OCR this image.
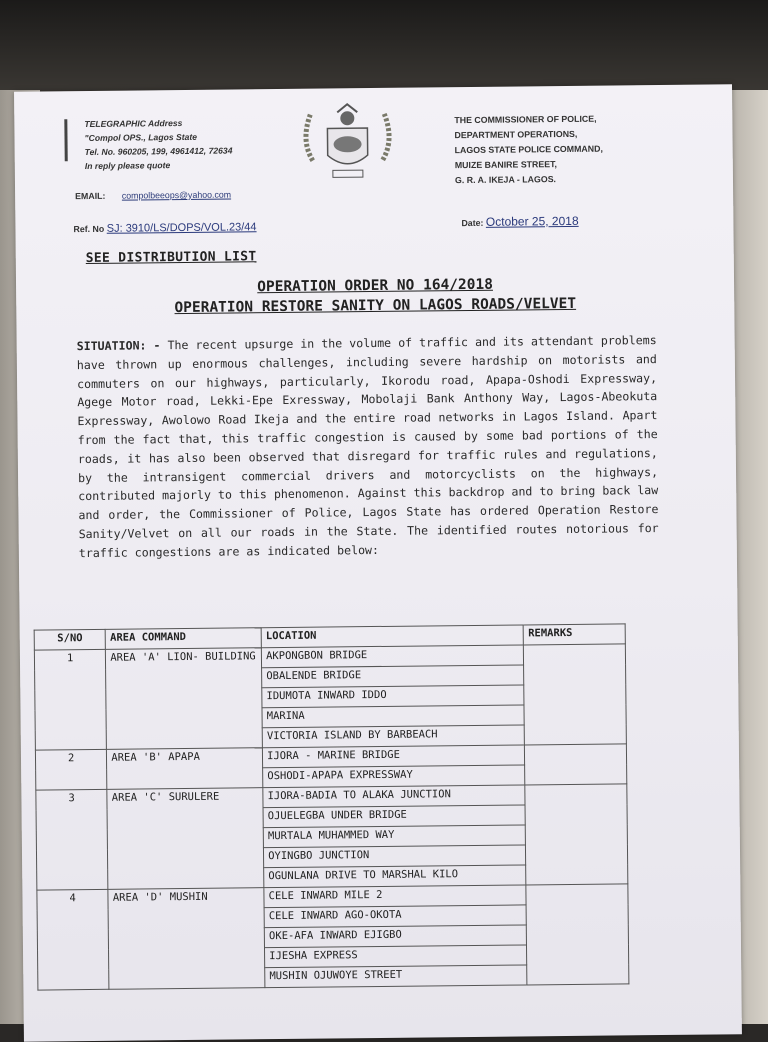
TELEGRAPHIC Address
"Compol OPS., Lagos State
Tel. No. 960205, 199, 4961412, 72634
In reply please quote
THE COMMISSIONER OF POLICE,
DEPARTMENT OPERATIONS,
LAGOS STATE POLICE COMMAND,
MUIZE BANIRE STREET,
G. R. A. IKEJA - LAGOS.
EMAIL: compolbeeops@yahoo.com
Ref. No SJ: 3910/LS/DOPS/VOL.23/44	Date: October 25, 2018
SEE DISTRIBUTION LIST
OPERATION ORDER NO 164/2018
OPERATION RESTORE SANITY ON LAGOS ROADS/VELVET
SITUATION: - The recent upsurge in the volume of traffic and its attendant problems have thrown up enormous challenges, including severe hardship on motorists and commuters on our highways, particularly, Ikorodu road, Apapa-Oshodi Expressway, Agege Motor road, Lekki-Epe Exressway, Mobolaji Bank Anthony Way, Lagos-Abeokuta Expressway, Awolowo Road Ikeja and the entire road networks in Lagos Island. Apart from the fact that, this traffic congestion is caused by some bad portions of the roads, it has also been observed that disregard for traffic rules and regulations, by the intransigent commercial drivers and motorcyclists on the highways, contributed majorly to this phenomenon. Against this backdrop and to bring back law and order, the Commissioner of Police, Lagos State has ordered Operation Restore Sanity/Velvet on all our roads in the State. The identified routes notorious for traffic congestions are as indicated below:
S/NO	AREA COMMAND	LOCATION	REMARKS
1	AREA 'A' LION- BUILDING	AKPONGBON BRIDGE	
		OBALENDE BRIDGE	
		IDUMOTA INWARD IDDO	
		MARINA	
		VICTORIA ISLAND BY BARBEACH	
2	AREA 'B' APAPA	IJORA - MARINE BRIDGE	
		OSHODI-APAPA EXPRESSWAY	
3	AREA 'C' SURULERE	IJORA-BADIA TO ALAKA JUNCTION	
		OJUELEGBA UNDER BRIDGE	
		MURTALA MUHAMMED WAY	
		OYINGBO JUNCTION	
		OGUNLANA DRIVE TO MARSHAL KILO	
4	AREA 'D' MUSHIN	CELE INWARD MILE 2	
		CELE INWARD AGO-OKOTA	
		OKE-AFA INWARD EJIGBO	
		IJESHA EXPRESS	
		MUSHIN OJUWOYE STREET	
